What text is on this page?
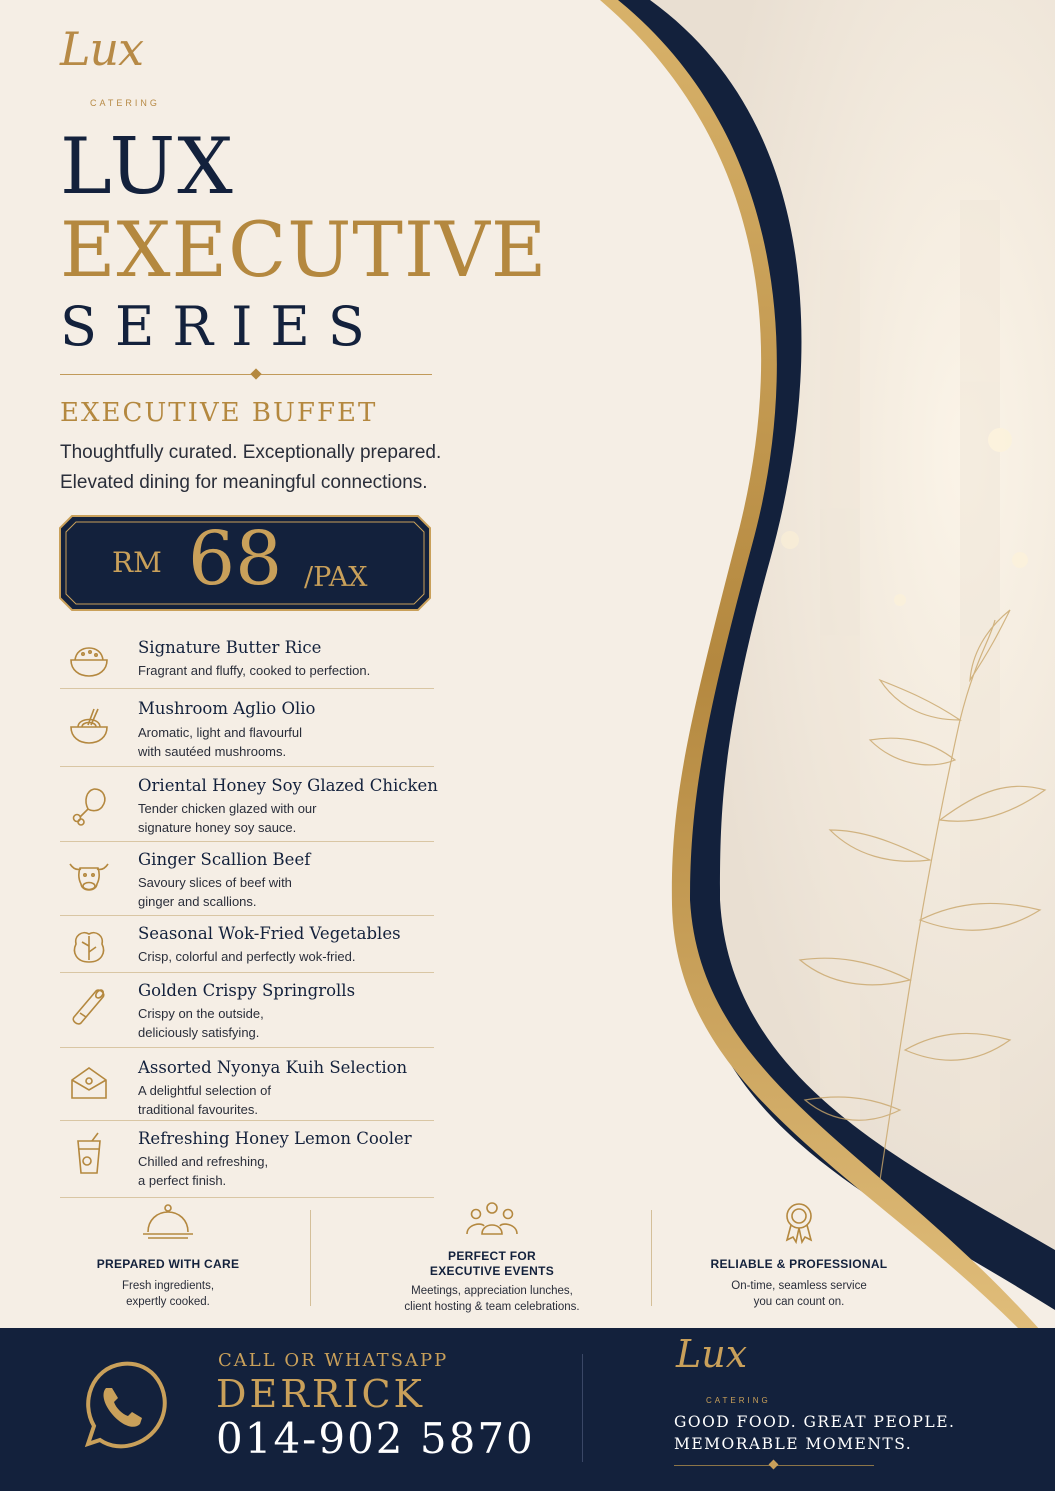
Lux
CATERING
LUX
EXECUTIVE
SERIES
EXECUTIVE BUFFET
Thoughtfully curated. Exceptionally prepared.
Elevated dining for meaningful connections.
RM 68 /PAX
Signature Butter Rice
Fragrant and fluffy, cooked to perfection.
Mushroom Aglio Olio
Aromatic, light and flavourful
with sautéed mushrooms.
Oriental Honey Soy Glazed Chicken
Tender chicken glazed with our
signature honey soy sauce.
Ginger Scallion Beef
Savoury slices of beef with
ginger and scallions.
Seasonal Wok-Fried Vegetables
Crisp, colorful and perfectly wok-fried.
Golden Crispy Springrolls
Crispy on the outside,
deliciously satisfying.
Assorted Nyonya Kuih Selection
A delightful selection of
traditional favourites.
Refreshing Honey Lemon Cooler
Chilled and refreshing,
a perfect finish.
PREPARED WITH CARE
Fresh ingredients,
expertly cooked.
PERFECT FOR
EXECUTIVE EVENTS
Meetings, appreciation lunches,
client hosting & team celebrations.
RELIABLE & PROFESSIONAL
On-time, seamless service
you can count on.
CALL OR WHATSAPP
DERRICK
014-902 5870
Lux
CATERING
GOOD FOOD. GREAT PEOPLE.
MEMORABLE MOMENTS.
